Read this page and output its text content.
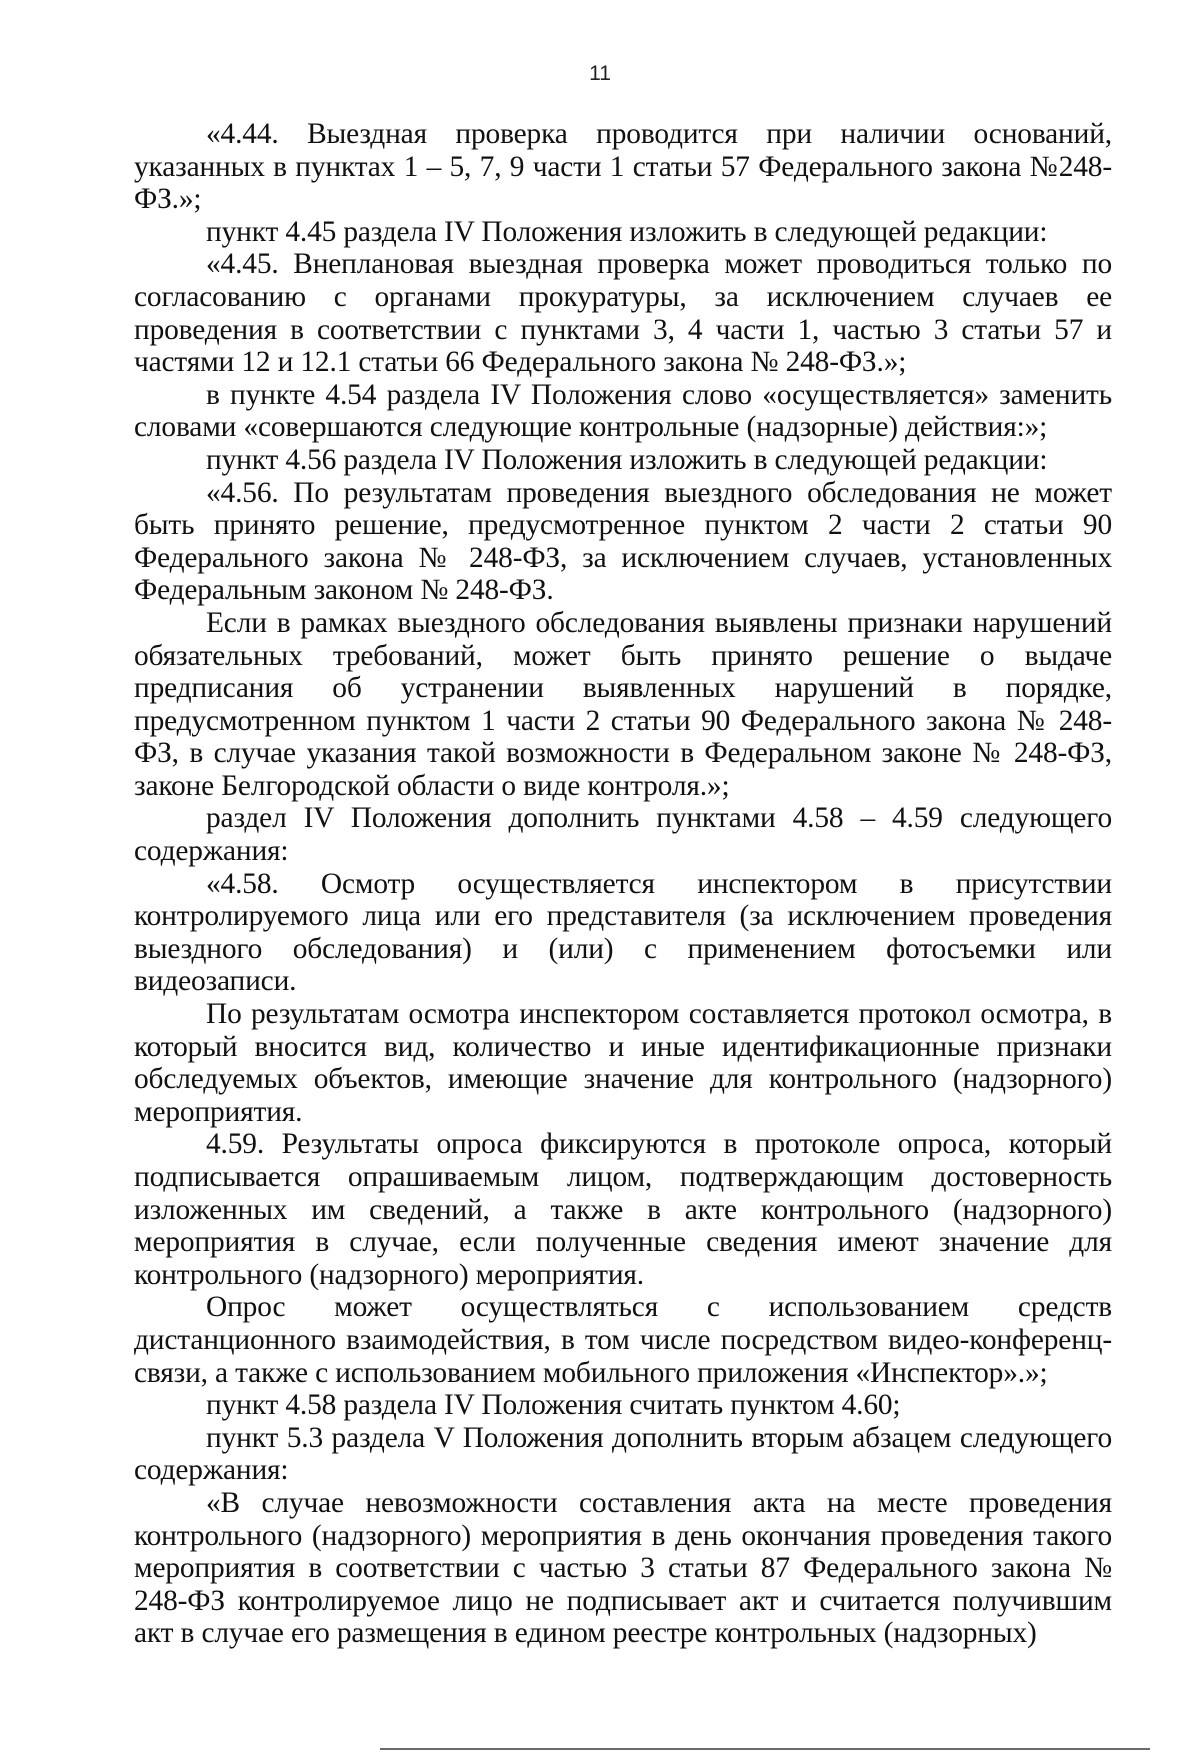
11

«4.44. Выездная проверка проводится при наличии оснований, указанных в пунктах 1 – 5, 7, 9 части 1 статьи 57 Федерального закона №248-ФЗ.»;

пункт 4.45 раздела IV Положения изложить в следующей редакции:

«4.45. Внеплановая выездная проверка может проводиться только по согласованию с органами прокуратуры, за исключением случаев ее проведения в соответствии с пунктами 3, 4 части 1, частью 3 статьи 57 и частями 12 и 12.1 статьи 66 Федерального закона № 248-ФЗ.»;

в пункте 4.54 раздела IV Положения слово «осуществляется» заменить словами «совершаются следующие контрольные (надзорные) действия:»;

пункт 4.56 раздела IV Положения изложить в следующей редакции:

«4.56. По результатам проведения выездного обследования не может быть принято решение, предусмотренное пунктом 2 части 2 статьи 90 Федерального закона № 248-ФЗ, за исключением случаев, установленных Федеральным законом № 248-ФЗ.

Если в рамках выездного обследования выявлены признаки нарушений обязательных требований, может быть принято решение о выдаче предписания об устранении выявленных нарушений в порядке, предусмотренном пунктом 1 части 2 статьи 90 Федерального закона № 248-ФЗ, в случае указания такой возможности в Федеральном законе № 248-ФЗ, законе Белгородской области о виде контроля.»;

раздел IV Положения дополнить пунктами 4.58 – 4.59 следующего содержания:

«4.58. Осмотр осуществляется инспектором в присутствии контролируемого лица или его представителя (за исключением проведения выездного обследования) и (или) с применением фотосъемки или видеозаписи.

По результатам осмотра инспектором составляется протокол осмотра, в который вносится вид, количество и иные идентификационные признаки обследуемых объектов, имеющие значение для контрольного (надзорного) мероприятия.

4.59. Результаты опроса фиксируются в протоколе опроса, который подписывается опрашиваемым лицом, подтверждающим достоверность изложенных им сведений, а также в акте контрольного (надзорного) мероприятия в случае, если полученные сведения имеют значение для контрольного (надзорного) мероприятия.

Опрос может осуществляться с использованием средств дистанционного взаимодействия, в том числе посредством видео-конференц-связи, а также с использованием мобильного приложения «Инспектор».»;

пункт 4.58 раздела IV Положения считать пунктом 4.60;

пункт 5.3 раздела V Положения дополнить вторым абзацем следующего содержания:

«В случае невозможности составления акта на месте проведения контрольного (надзорного) мероприятия в день окончания проведения такого мероприятия в соответствии с частью 3 статьи 87 Федерального закона № 248-ФЗ контролируемое лицо не подписывает акт и считается получившим акт в случае его размещения в едином реестре контрольных (надзорных)
